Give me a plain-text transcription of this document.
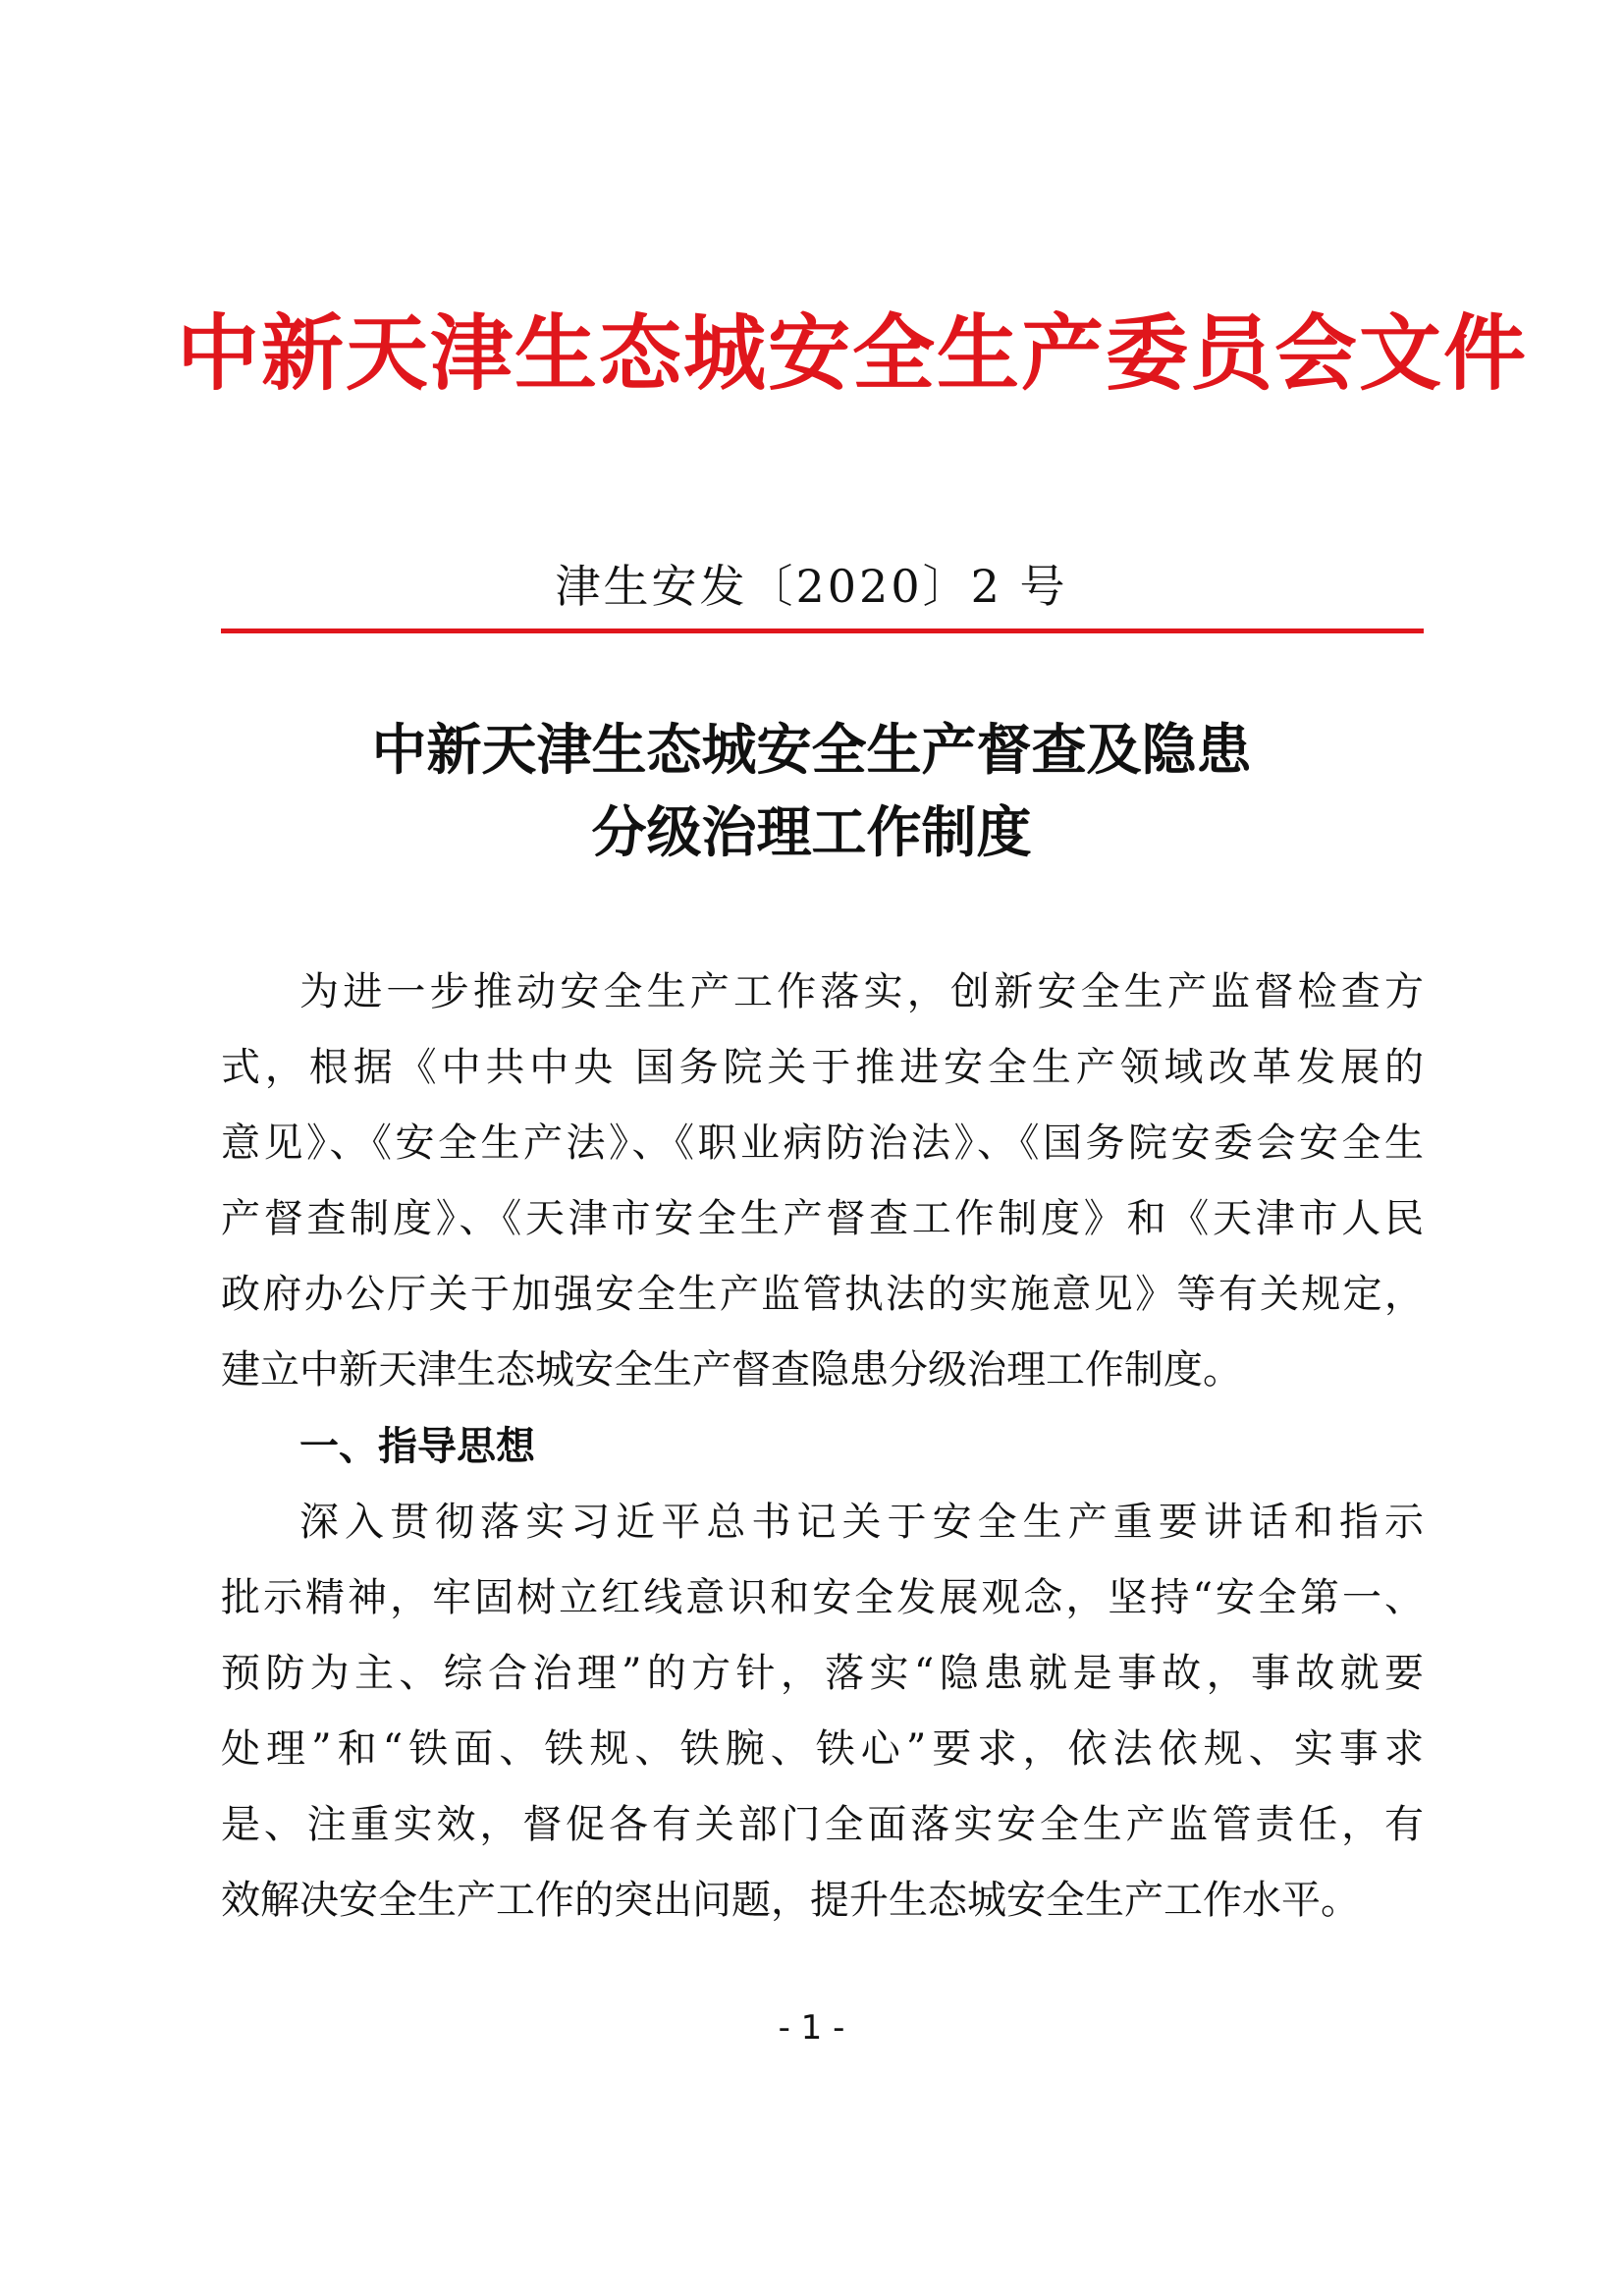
中新天津生态城安全生产委员会文件
津生安发〔2020〕2 号
中新天津生态城安全生产督查及隐患
分级治理工作制度
为进一步推动安全生产工作落实，创新安全生产监督检查方
式，根据《中共中央 国务院关于推进安全生产领域改革发展的
意见》、《安全生产法》、《职业病防治法》、《国务院安委会安全生
产督查制度》、《天津市安全生产督查工作制度》和《天津市人民
政府办公厅关于加强安全生产监管执法的实施意见》等有关规定，
建立中新天津生态城安全生产督查隐患分级治理工作制度。
一、指导思想
深入贯彻落实习近平总书记关于安全生产重要讲话和指示
批示精神，牢固树立红线意识和安全发展观念，坚持“安全第一、
预防为主、综合治理”的方针，落实“隐患就是事故，事故就要
处理”和“铁面、铁规、铁腕、铁心”要求，依法依规、实事求
是、注重实效，督促各有关部门全面落实安全生产监管责任，有
效解决安全生产工作的突出问题，提升生态城安全生产工作水平。
- 1 -
